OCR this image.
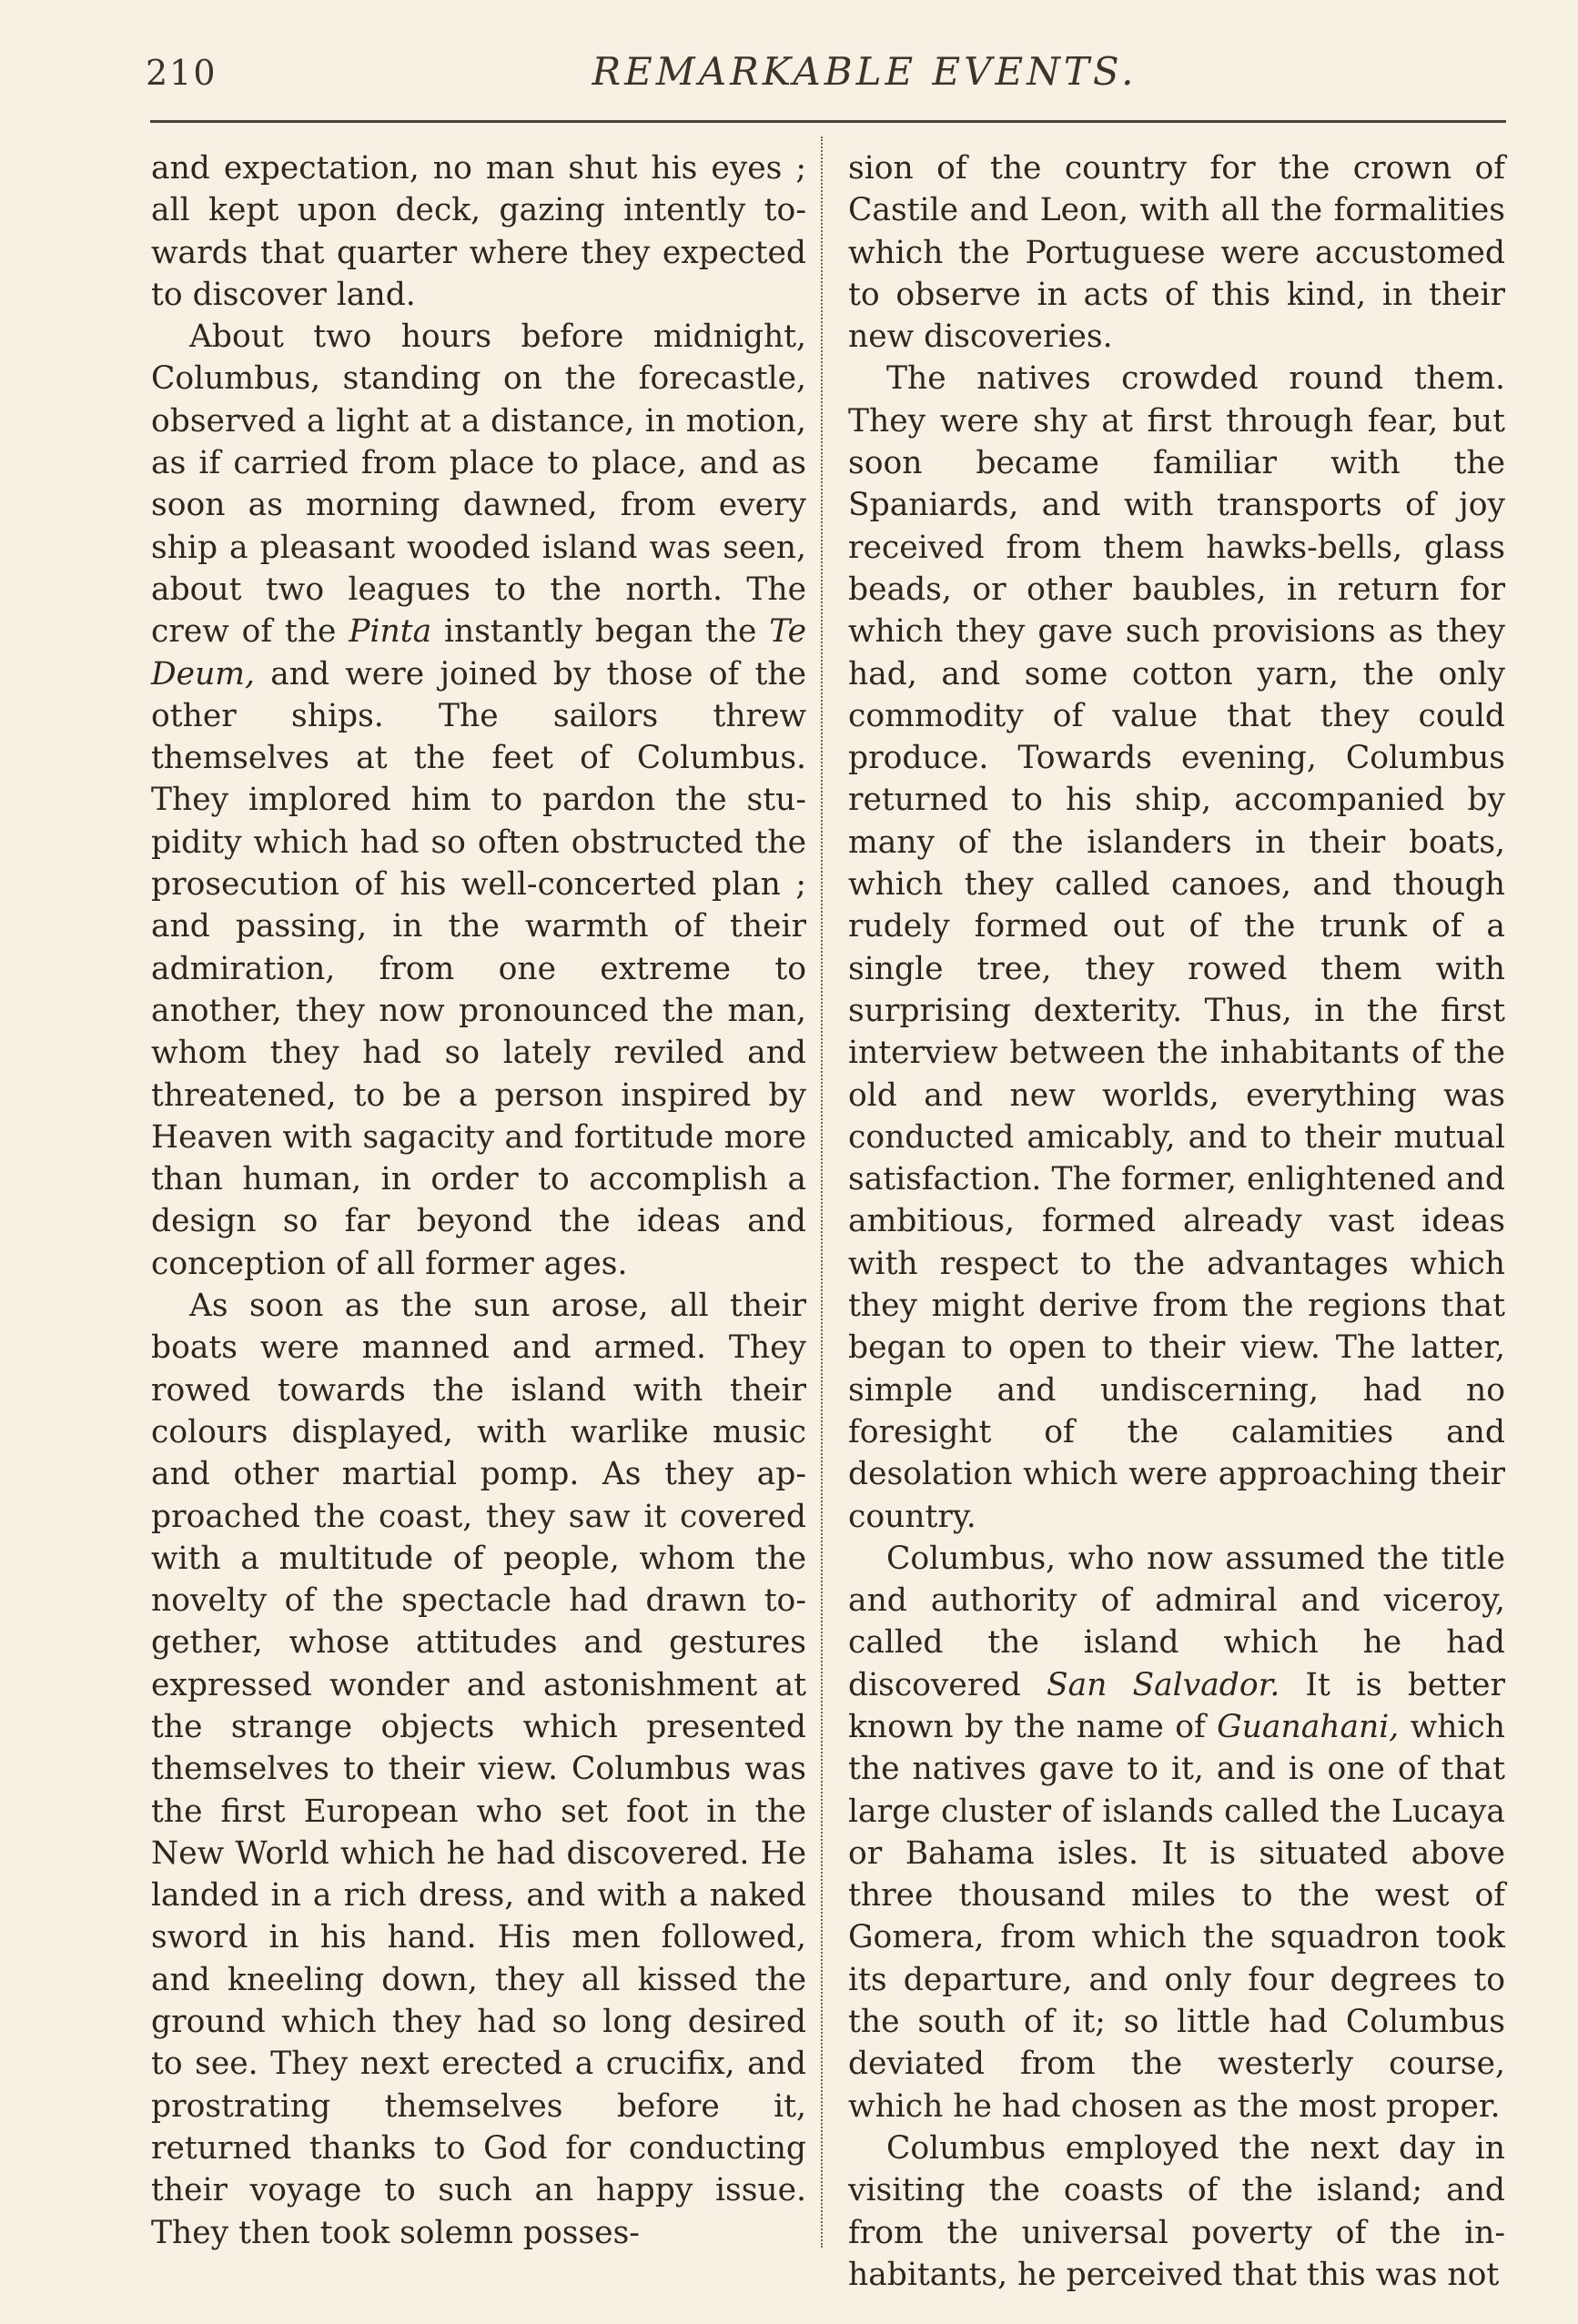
210	REMARKABLE EVENTS.

and expectation, no man shut his eyes ; all kept upon deck, gazing intently towards that quarter where they expected to discover land.

About two hours before midnight, Columbus, standing on the forecastle, observed a light at a distance, in motion, as if carried from place to place, and as soon as morning dawned, from every ship a pleasant wooded island was seen, about two leagues to the north. The crew of the Pinta instantly began the Te Deum, and were joined by those of the other ships. The sailors threw themselves at the feet of Columbus. They implored him to pardon the stupidity which had so often obstructed the prosecution of his well-concerted plan ; and passing, in the warmth of their admiration, from one extreme to another, they now pronounced the man, whom they had so lately reviled and threatened, to be a person inspired by Heaven with sagacity and fortitude more than human, in order to accomplish a design so far beyond the ideas and conception of all former ages.

As soon as the sun arose, all their boats were manned and armed. They rowed towards the island with their colours displayed, with warlike music and other martial pomp. As they approached the coast, they saw it covered with a multitude of people, whom the novelty of the spectacle had drawn together, whose attitudes and gestures expressed wonder and astonishment at the strange objects which presented themselves to their view. Columbus was the first European who set foot in the New World which he had discovered. He landed in a rich dress, and with a naked sword in his hand. His men followed, and kneeling down, they all kissed the ground which they had so long desired to see. They next erected a crucifix, and prostrating themselves before it, returned thanks to God for conducting their voyage to such an happy issue. They then took solemn posses-

sion of the country for the crown of Castile and Leon, with all the formalities which the Portuguese were accustomed to observe in acts of this kind, in their new discoveries.

The natives crowded round them. They were shy at first through fear, but soon became familiar with the Spaniards, and with transports of joy received from them hawks-bells, glass beads, or other baubles, in return for which they gave such provisions as they had, and some cotton yarn, the only commodity of value that they could produce. Towards evening, Columbus returned to his ship, accompanied by many of the islanders in their boats, which they called canoes, and though rudely formed out of the trunk of a single tree, they rowed them with surprising dexterity. Thus, in the first interview between the inhabitants of the old and new worlds, everything was conducted amicably, and to their mutual satisfaction. The former, enlightened and ambitious, formed already vast ideas with respect to the advantages which they might derive from the regions that began to open to their view. The latter, simple and undiscerning, had no foresight of the calamities and desolation which were approaching their country.

Columbus, who now assumed the title and authority of admiral and viceroy, called the island which he had discovered San Salvador. It is better known by the name of Guanahani, which the natives gave to it, and is one of that large cluster of islands called the Lucaya or Bahama isles. It is situated above three thousand miles to the west of Gomera, from which the squadron took its departure, and only four degrees to the south of it; so little had Columbus deviated from the westerly course, which he had chosen as the most proper.

Columbus employed the next day in visiting the coasts of the island; and from the universal poverty of the inhabitants, he perceived that this was not
